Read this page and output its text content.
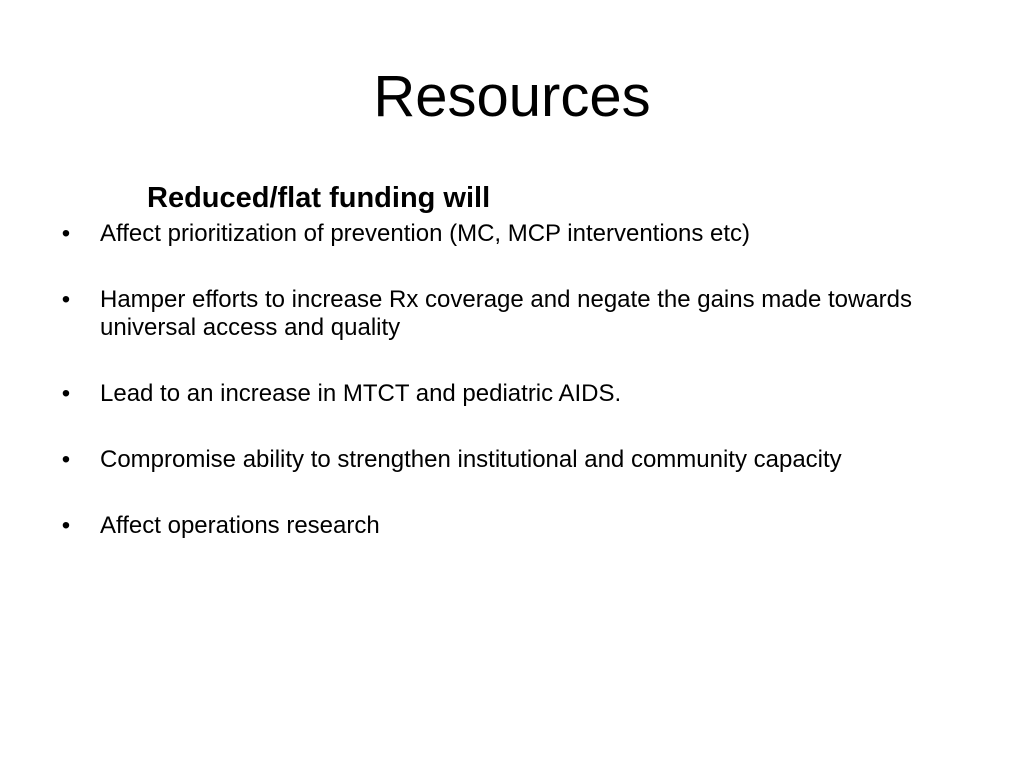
Resources
Reduced/flat funding will
• Affect prioritization of prevention (MC, MCP interventions etc)
• Hamper efforts to increase Rx coverage and negate the gains made towards universal access and quality
• Lead to an increase in MTCT and pediatric AIDS.
• Compromise ability to strengthen institutional and community capacity
• Affect operations research
